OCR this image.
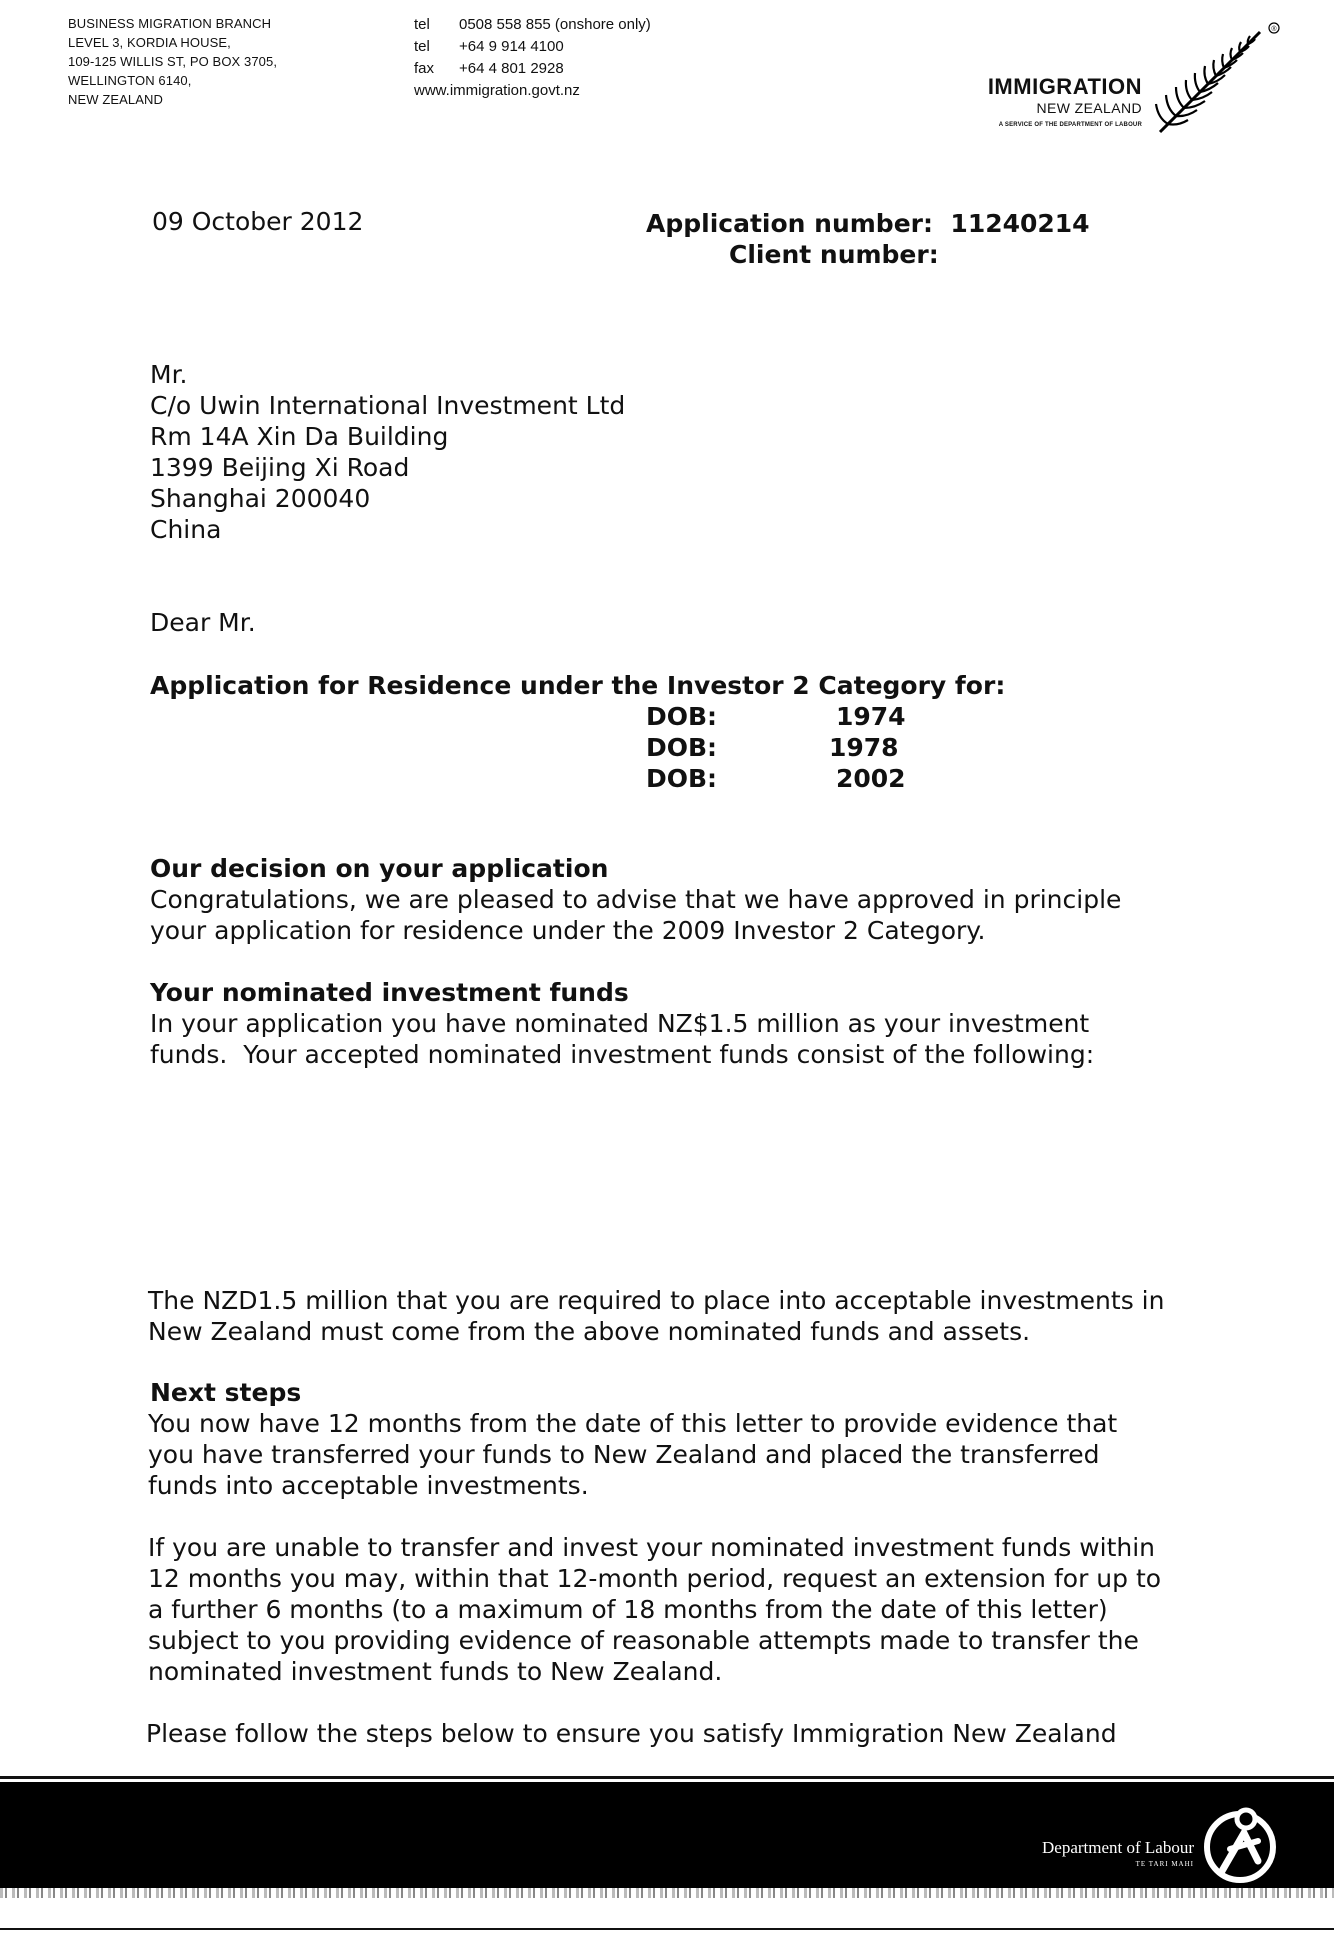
BUSINESS MIGRATION BRANCH
LEVEL 3, KORDIA HOUSE,
109-125 WILLIS ST, PO BOX 3705,
WELLINGTON 6140,
NEW ZEALAND
tel 0508 558 855 (onshore only)
tel +64 9 914 4100
fax +64 4 801 2928
www.immigration.govt.nz	IMMIGRATION
NEW ZEALAND
A SERVICE OF THE DEPARTMENT OF LABOUR
®
09 October 2012	Application number: 11240214
Client number:
Mr.
C/o Uwin International Investment Ltd
Rm 14A Xin Da Building
1399 Beijing Xi Road
Shanghai 200040
China
Dear Mr.
Application for Residence under the Investor 2 Category for:
DOB:	1974
DOB:	1978
DOB:	2002
Our decision on your application
Congratulations, we are pleased to advise that we have approved in principle
your application for residence under the 2009 Investor 2 Category.
Your nominated investment funds
In your application you have nominated NZ$1.5 million as your investment
funds.  Your accepted nominated investment funds consist of the following:
The NZD1.5 million that you are required to place into acceptable investments in
New Zealand must come from the above nominated funds and assets.
Next steps
You now have 12 months from the date of this letter to provide evidence that
you have transferred your funds to New Zealand and placed the transferred
funds into acceptable investments.
If you are unable to transfer and invest your nominated investment funds within
12 months you may, within that 12-month period, request an extension for up to
a further 6 months (to a maximum of 18 months from the date of this letter)
subject to you providing evidence of reasonable attempts made to transfer the
nominated investment funds to New Zealand.
Please follow the steps below to ensure you satisfy Immigration New Zealand
Department of Labour
TE TARI MAHI
